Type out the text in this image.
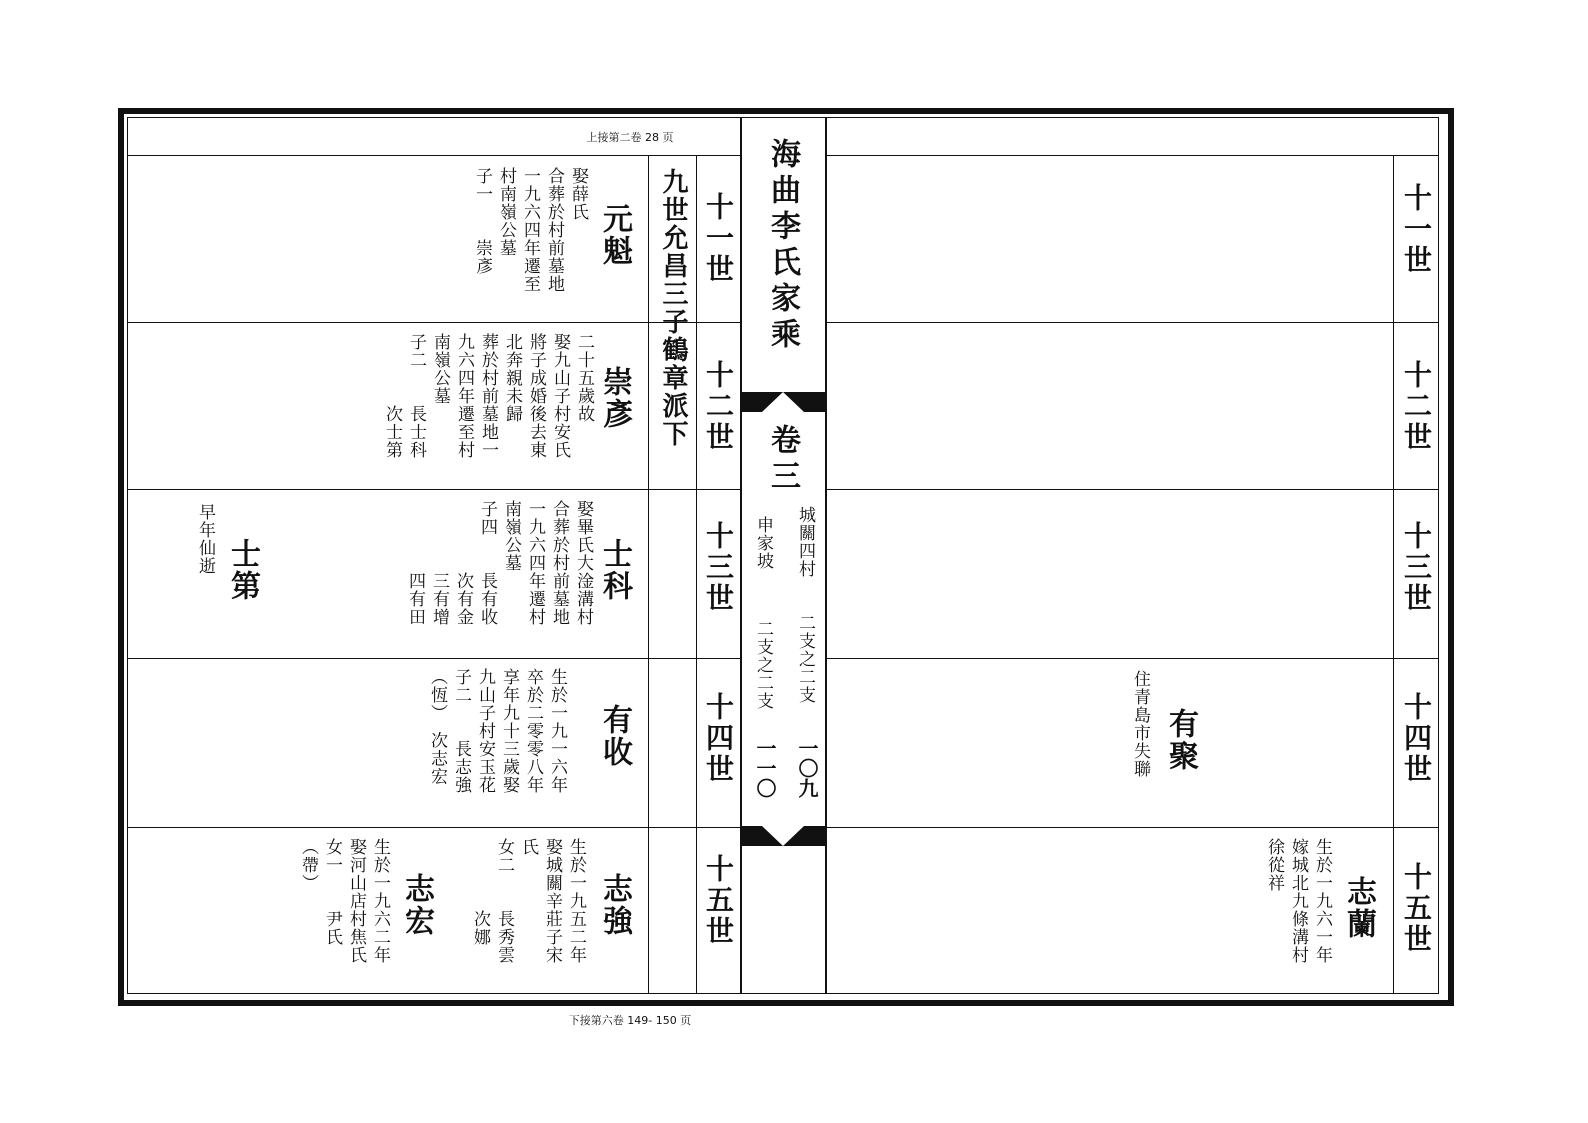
上接第二卷 28 页
下接第六卷 149- 150 页
九世允昌三子鶴章派下 十一世
十二世
十三世
十四世
十五世
十一世
十二世
十三世
十四世
十五世
海曲李氏家乘
卷三
城關四村
二支之二支
一〇九
申家坡
二支之二支
一一〇
元魁
娶薛氏
合葬於村前墓地
一九六四年遷至
村南嶺公墓
子一　　崇彥
崇彥
二十五歲故
娶九山子村安氏
將子成婚後去東
北奔親未歸
葬於村前墓地一
九六四年遷至村
南嶺公墓
子二　　長士科
　　　　次士第
士科
娶畢氏大淦溝村
合葬於村前墓地
一九六四年遷村
南嶺公墓
子四　　長有收
　　　　次有金
　　　　三有增
　　　　四有田
士第
早年仙逝
有收
生於一九一六年
卒於二零零八年
享年九十三歲娶
九山子村安玉花
子二　　長志強
（恆）　次志宏
志強
生於一九五二年
娶城關辛莊子宋
氏
女二　　長秀雲
　　　　次娜
志宏
生於一九六二年
娶河山店村焦氏
女一　　尹氏
（帶）
有聚
住青島市失聯
志蘭
生於一九六一年
嫁城北九條溝村
徐從祥
